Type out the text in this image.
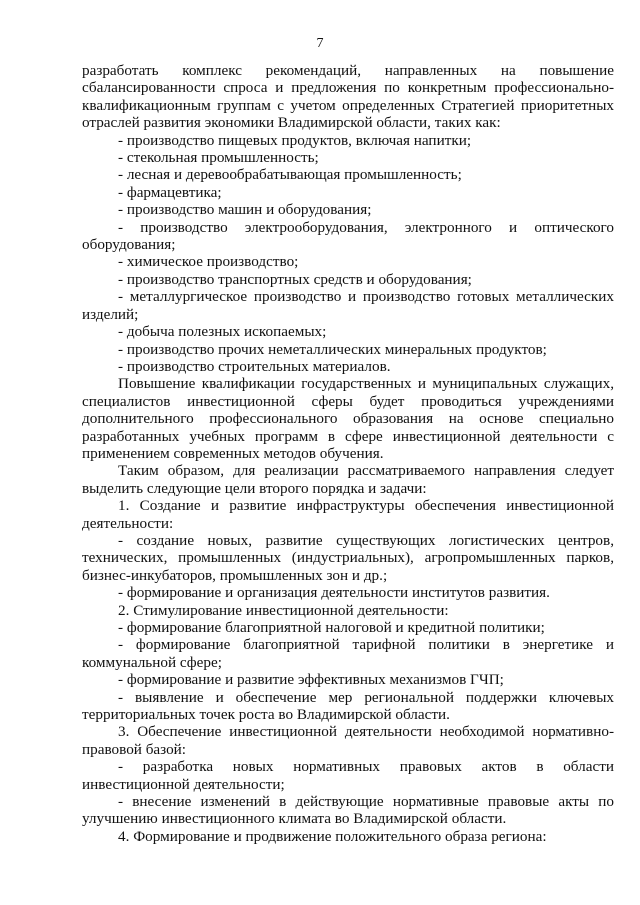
7

разработать комплекс рекомендаций, направленных на повышение сбалансированности спроса и предложения по конкретным профессионально-квалификационным группам с учетом определенных Стратегией приоритетных отраслей развития экономики Владимирской области, таких как:

- производство пищевых продуктов, включая напитки;

- стекольная промышленность;

- лесная и деревообрабатывающая промышленность;

- фармацевтика;

- производство машин и оборудования;

- производство электрооборудования, электронного и оптического оборудования;

- химическое производство;

- производство транспортных средств и оборудования;

- металлургическое производство и производство готовых металлических изделий;

- добыча полезных ископаемых;

- производство прочих неметаллических минеральных продуктов;

- производство строительных материалов.

Повышение квалификации государственных и муниципальных служащих, специалистов инвестиционной сферы будет проводиться учреждениями дополнительного профессионального образования на основе специально разработанных учебных программ в сфере инвестиционной деятельности с применением современных методов обучения.

Таким образом, для реализации рассматриваемого направления следует выделить следующие цели второго порядка и задачи:

1. Создание и развитие инфраструктуры обеспечения инвестиционной деятельности:

- создание новых, развитие существующих логистических центров, технических, промышленных (индустриальных), агропромышленных парков, бизнес-инкубаторов, промышленных зон и др.;

- формирование и организация деятельности институтов развития.

2. Стимулирование инвестиционной деятельности:

- формирование благоприятной налоговой и кредитной политики;

- формирование благоприятной тарифной политики в энергетике и коммунальной сфере;

- формирование и развитие эффективных механизмов ГЧП;

- выявление и обеспечение мер региональной поддержки ключевых территориальных точек роста во Владимирской области.

3. Обеспечение инвестиционной деятельности необходимой нормативно-правовой базой:

- разработка новых нормативных правовых актов в области инвестиционной деятельности;

- внесение изменений в действующие нормативные правовые акты по улучшению инвестиционного климата во Владимирской области.

4. Формирование и продвижение положительного образа региона:
